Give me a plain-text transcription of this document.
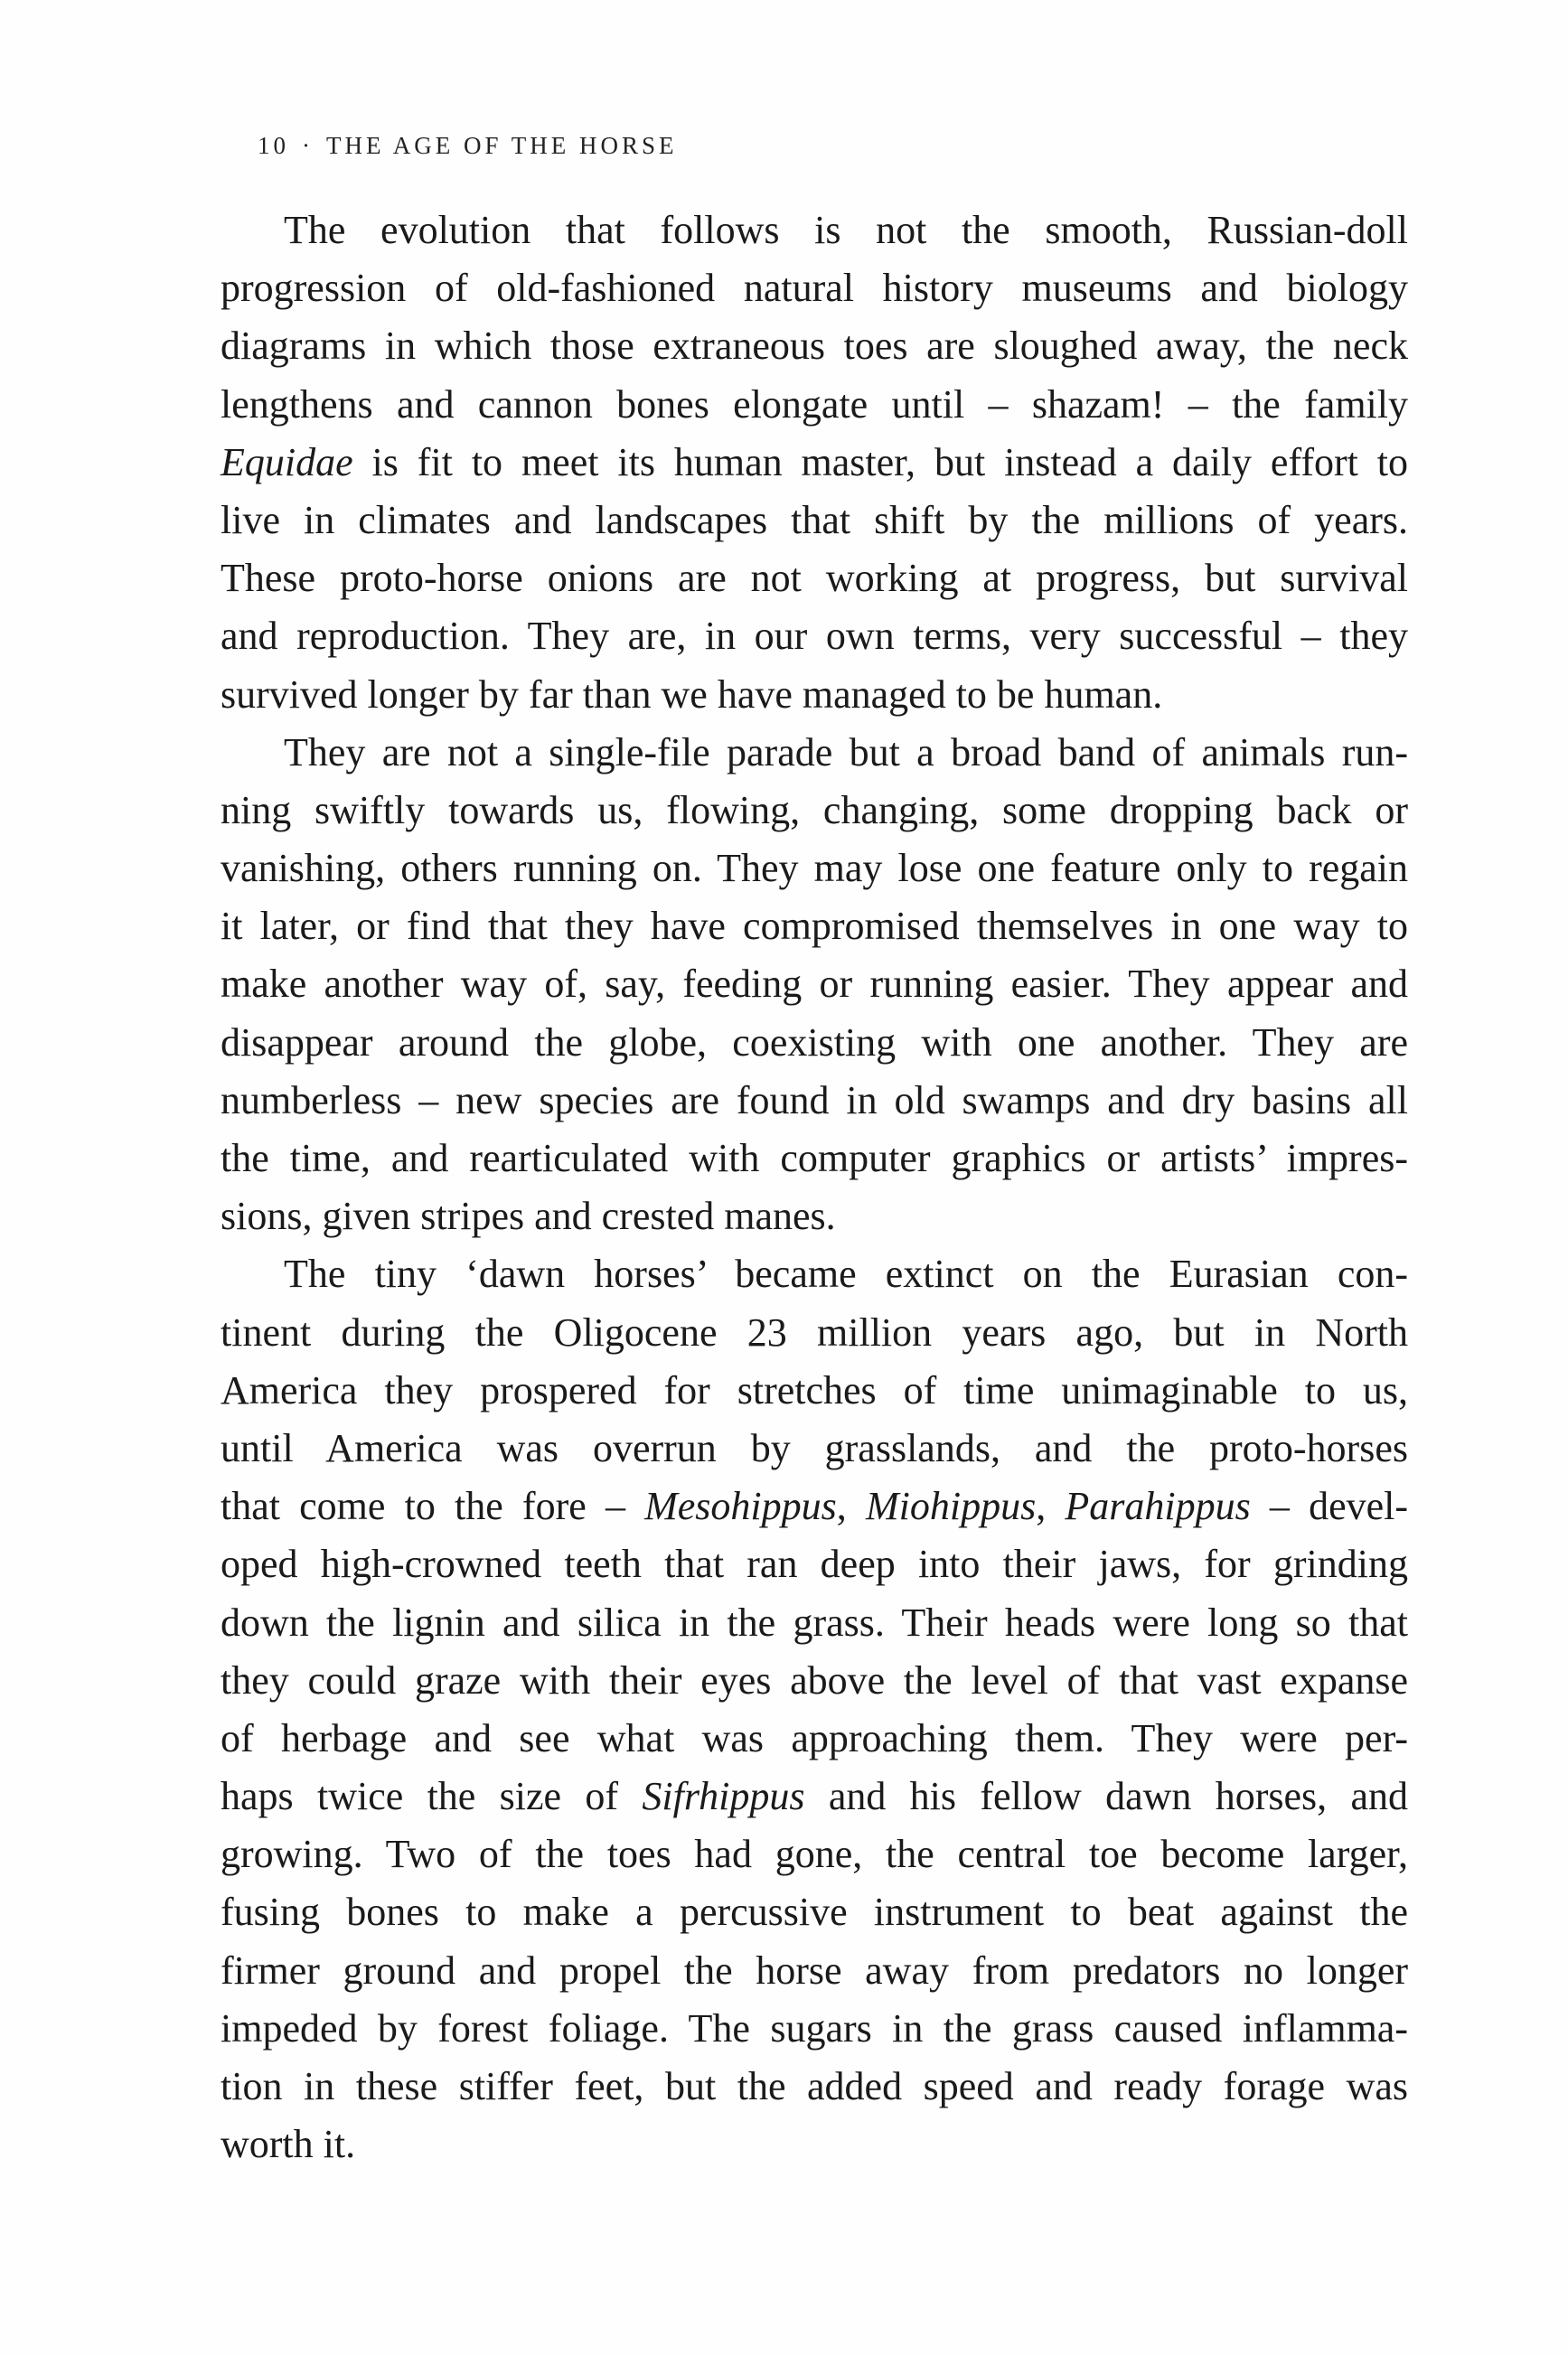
10 · THE AGE OF THE HORSE
The evolution that follows is not the smooth, Russian-doll
progression of old-fashioned natural history museums and biology
diagrams in which those extraneous toes are sloughed away, the neck
lengthens and cannon bones elongate until – shazam! – the family
Equidae is fit to meet its human master, but instead a daily effort to
live in climates and landscapes that shift by the millions of years.
These proto-horse onions are not working at progress, but survival
and reproduction. They are, in our own terms, very successful – they
survived longer by far than we have managed to be human.
They are not a single-file parade but a broad band of animals run-
ning swiftly towards us, flowing, changing, some dropping back or
vanishing, others running on. They may lose one feature only to regain
it later, or find that they have compromised themselves in one way to
make another way of, say, feeding or running easier. They appear and
disappear around the globe, coexisting with one another. They are
numberless – new species are found in old swamps and dry basins all
the time, and rearticulated with computer graphics or artists’ impres-
sions, given stripes and crested manes.
The tiny ‘dawn horses’ became extinct on the Eurasian con-
tinent during the Oligocene 23 million years ago, but in North
America they prospered for stretches of time unimaginable to us,
until America was overrun by grasslands, and the proto-horses
that come to the fore – Mesohippus, Miohippus, Parahippus – devel-
oped high-crowned teeth that ran deep into their jaws, for grinding
down the lignin and silica in the grass. Their heads were long so that
they could graze with their eyes above the level of that vast expanse
of herbage and see what was approaching them. They were per-
haps twice the size of Sifrhippus and his fellow dawn horses, and
growing. Two of the toes had gone, the central toe become larger,
fusing bones to make a percussive instrument to beat against the
firmer ground and propel the horse away from predators no longer
impeded by forest foliage. The sugars in the grass caused inflamma-
tion in these stiffer feet, but the added speed and ready forage was
worth it.
